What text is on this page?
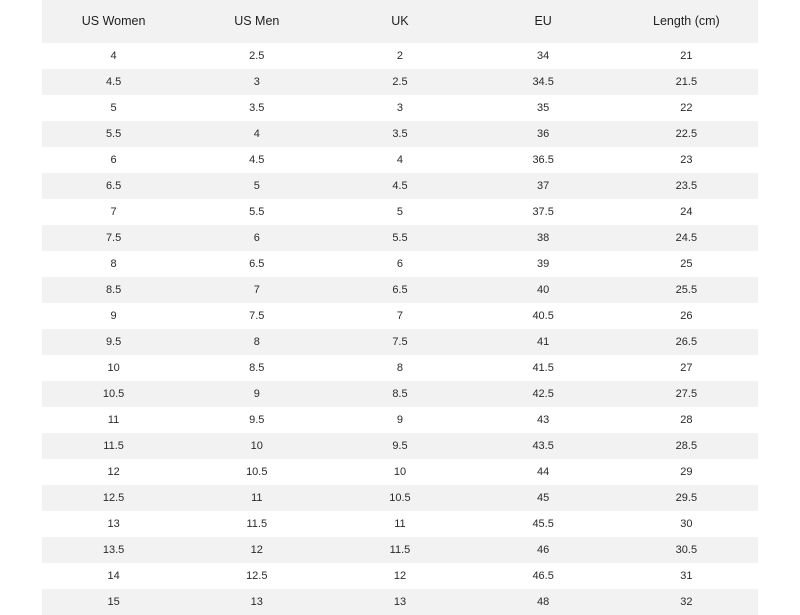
US Women	US Men	UK	EU	Length (cm)
4	2.5	2	34	21
4.5	3	2.5	34.5	21.5
5	3.5	3	35	22
5.5	4	3.5	36	22.5
6	4.5	4	36.5	23
6.5	5	4.5	37	23.5
7	5.5	5	37.5	24
7.5	6	5.5	38	24.5
8	6.5	6	39	25
8.5	7	6.5	40	25.5
9	7.5	7	40.5	26
9.5	8	7.5	41	26.5
10	8.5	8	41.5	27
10.5	9	8.5	42.5	27.5
11	9.5	9	43	28
11.5	10	9.5	43.5	28.5
12	10.5	10	44	29
12.5	11	10.5	45	29.5
13	11.5	11	45.5	30
13.5	12	11.5	46	30.5
14	12.5	12	46.5	31
15	13	13	48	32
